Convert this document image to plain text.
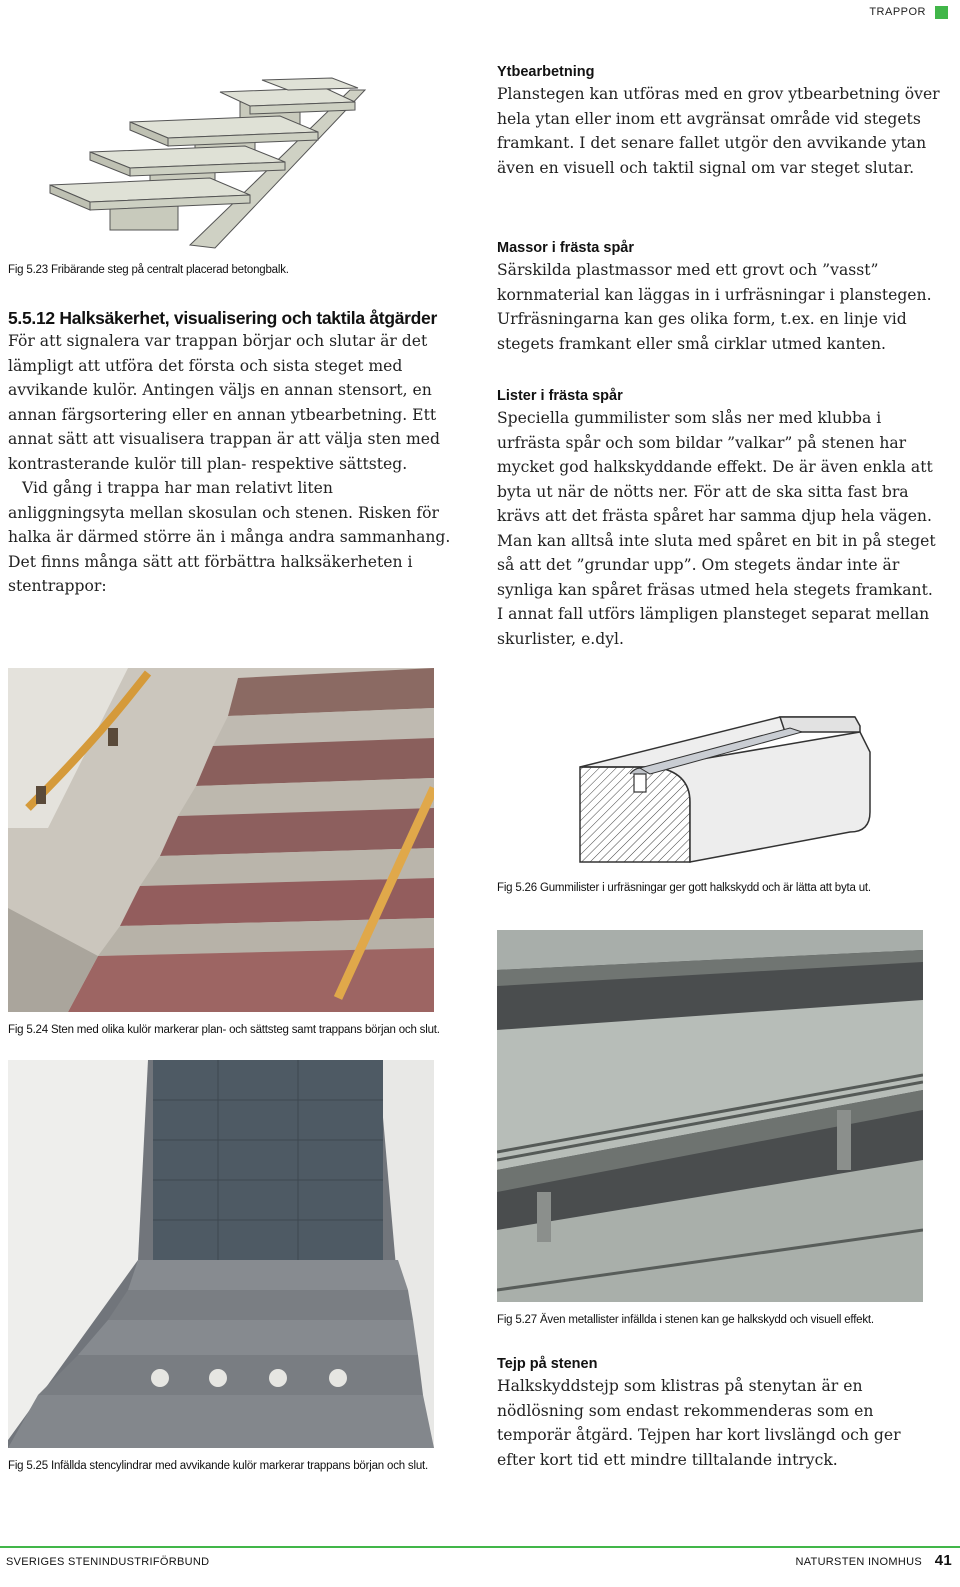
TRAPPOR
Fig 5.23 Fribärande steg på centralt placerad betongbalk.
5.5.12 Halksäkerhet, visualisering och taktila åtgärder

För att signalera var trappan börjar och slutar är det lämpligt att utföra det första och sista steget med avvikande kulör. Antingen väljs en annan stensort, en annan färgsortering eller en annan ytbearbetning. Ett annat sätt att visualisera trappan är att välja sten med kontrasterande kulör till plan- respektive sättsteg.

Vid gång i trappa har man relativt liten anliggningsyta mellan skosulan och stenen. Risken för halka är därmed större än i många andra sammanhang. Det finns många sätt att förbättra halksäkerheten i stentrappor:

Fig 5.24 Sten med olika kulör markerar plan- och sättsteg samt trappans början och slut.
Fig 5.25 Infällda stencylindrar med avvikande kulör markerar trappans början och slut.
Ytbearbetning

Planstegen kan utföras med en grov ytbearbetning över hela ytan eller inom ett avgränsat område vid stegets framkant. I det senare fallet utgör den avvikande ytan även en visuell och taktil signal om var steget slutar.

Massor i frästa spår

Särskilda plastmassor med ett grovt och ”vasst” kornmaterial kan läggas in i urfräsningar i planstegen. Urfräsningarna kan ges olika form, t.ex. en linje vid stegets framkant eller små cirklar utmed kanten.

Lister i frästa spår

Speciella gummilister som slås ner med klubba i urfrästa spår och som bildar ”valkar” på stenen har mycket god halkskyddande effekt. De är även enkla att byta ut när de nötts ner. För att de ska sitta fast bra krävs att det frästa spåret har samma djup hela vägen. Man kan alltså inte sluta med spåret en bit in på steget så att det ”grundar upp”. Om stegets ändar inte är synliga kan spåret fräsas utmed hela stegets framkant. I annat fall utförs lämpligen plansteget separat mellan skurlister, e.dyl.

Fig 5.26 Gummilister i urfräsningar ger gott halkskydd och är lätta att byta ut.
Fig 5.27 Även metallister infällda i stenen kan ge halkskydd och visuell effekt.
Tejp på stenen

Halkskyddstejp som klistras på stenytan är en nödlösning som endast rekommenderas som en temporär åtgärd. Tejpen har kort livslängd och ger efter kort tid ett mindre tilltalande intryck.

SVERIGES STENINDUSTRIFÖRBUND	NATURSTEN INOMHUS 41
